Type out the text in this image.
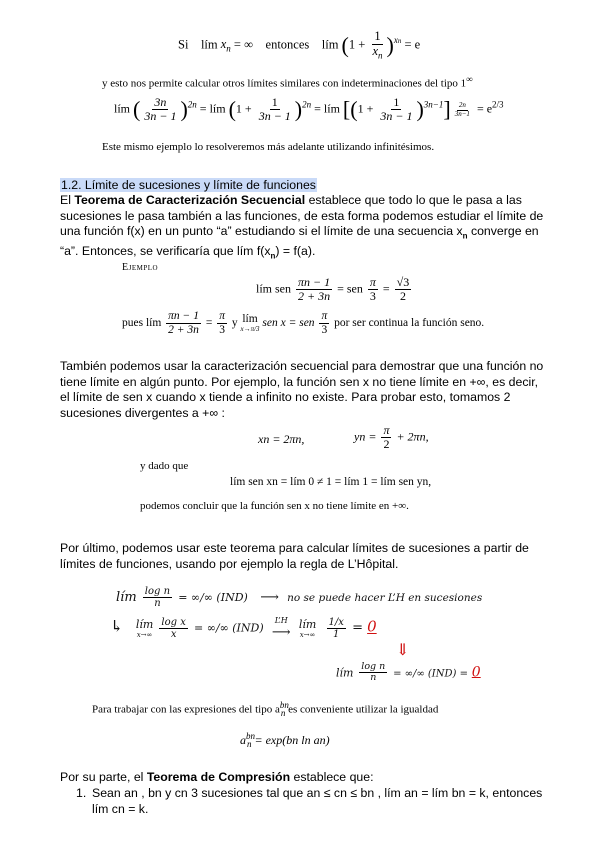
Si lím $x_n$ = ∞ entonces lím $(1 + \frac{1}{x_n} )^{xn} = e$
y esto nos permite calcular otros límites similares con indeterminaciones del tipo 1∞
lím ( $\frac{3n}{3n - 1} )^{2n}$ = lím $(1 + \frac{1}{3n - 1} )^{2n}$ = lím $[(1 + \frac{1}{3n - 1} )^{3n-1}] \frac{2n}{3n-1} = e^{2/3}$
Este mismo ejemplo lo resolveremos más adelante utilizando infinitésimos.
1.2. Límite de sucesiones y límite de funciones
El Teorema de Caracterización Secuencial establece que todo lo que le pasa a las sucesiones le pasa también a las funciones, de esta forma podemos estudiar el límite de una función f(x) en un punto “a” estudiando si el límite de una secuencia $x_n$ converge en “a”. Entonces, se verificaría que lím $f(x_n) = f(a)$.
Ejemplo
lím sen $\frac{\pi n - 1}{2 + 3n}$ = sen $\frac{\pi}{3} = \frac{√3}{2}$
pues lím $\frac{\pi n - 1}{2 + 3n} = \frac{\pi}{3}$ y lím
x→π/3
sen x = sen $\frac{\pi}{3}$ por ser continua la función seno.
También podemos usar la caracterización secuencial para demostrar que una función no tiene límite en algún punto. Por ejemplo, la función sen x no tiene límite en +∞, es decir, el límite de sen x cuando x tiende a infinito no existe. Para probar esto, tomamos 2 sucesiones divergentes a +∞ :
xn = 2πn,	yn = $\frac{\pi}{2} + 2\pi n$,
y dado que
lím sen xn = lím 0 ≠ 1 = lím 1 = lím sen yn,
podemos concluir que la función sen x no tiene límite en +∞.
Por último, podemos usar este teorema para calcular límites de sucesiones a partir de límites de funciones, usando por ejemplo la regla de L’Hôpital.
lím $\frac{\text{log n}}{n}$ = ∞/∞ (IND) ⟶ no se puede hacer L’H en sucesiones
↳ lím
x→∞
$\frac{\text{log x}}{x}$ = ∞/∞ (IND)
L’H
⟶

lím
x→∞
$\frac{1/x}{1} = 0$
⇓
lím $\frac{\text{log n}}{n}$ = ∞/∞ (IND) = 0
Para trabajar con las expresiones del tipo $a^{bn}_n$ es conveniente utilizar la igualdad
$a^{bn}_n = \exp(bn$ ln an)
Por su parte, el Teorema de Compresión establece que:
1. Sean an , bn y cn 3 sucesiones tal que an ≤ cn ≤ bn , lím an = lím bn = k, entonces lím cn = k.
